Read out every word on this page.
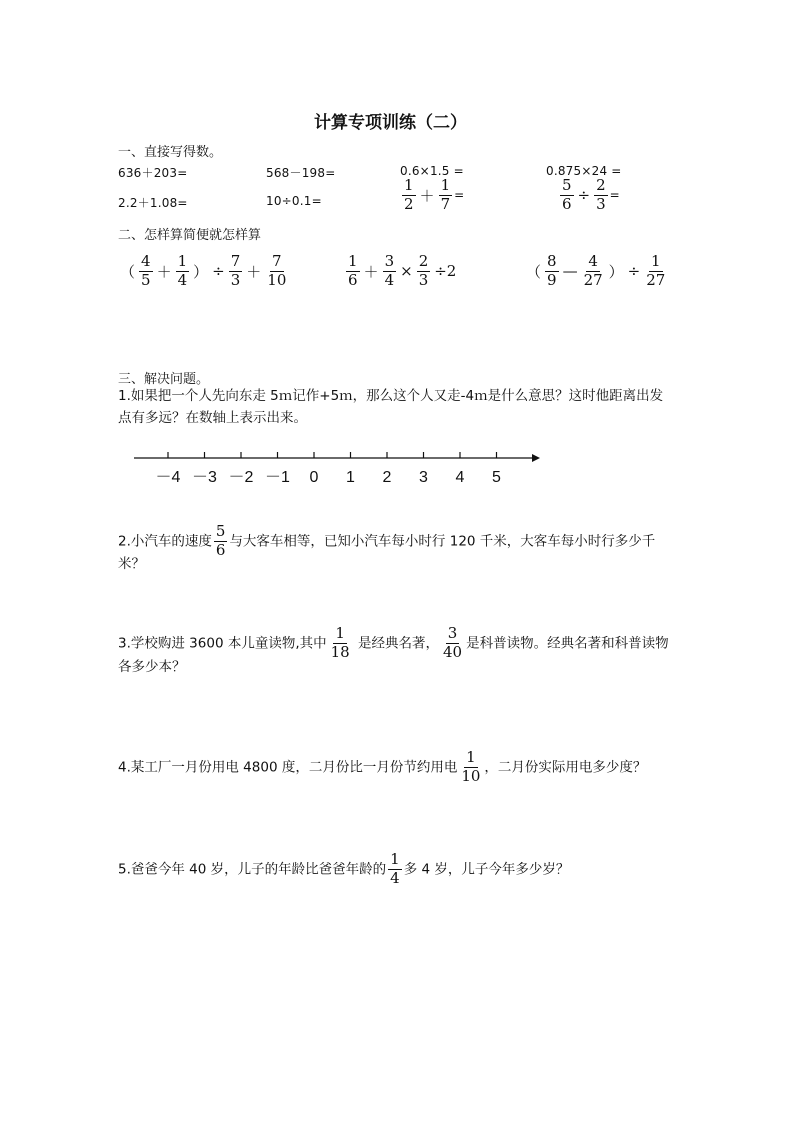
计算专项训练（二）
一、直接写得数。
636＋203=	568－198=	0.6×1.5 =	0.875×24 =
2.2＋1.08=	10÷0.1=	$\frac{1}{2} + \frac{1}{7}$ =	$\frac{5}{6} \div \frac{2}{3}$ =
二、怎样算简便就怎样算
（ $\frac{4}{5} + \frac{1}{4}$ ） ÷ $\frac{7}{3} + \frac{7}{10}$	$\frac{1}{6} + \frac{3}{4} \times \frac{2}{3} \div 2$	（ $\frac{8}{9}$ — $\frac{4}{27}$ ） ÷ $\frac{1}{27}$
三、解决问题。
1.如果把一个人先向东走 5ｍ记作+5ｍ，那么这个人又走-4ｍ是什么意思？这时他距离出发
点有多远？在数轴上表示出来。
－4 －3 －2 －1 0 1 2 3 4 5
2.小汽车的速度 $\frac{5}{6}$ 与大客车相等，已知小汽车每小时行 120 千米，大客车每小时行多少千
米？
3.学校购进 3600 本儿童读物,其中 $\frac{1}{18}$ 是经典名著， $\frac{3}{40}$ 是科普读物。经典名著和科普读物
各多少本？
4.某工厂一月份用电 4800 度，二月份比一月份节约用电 $\frac{1}{10}$ ，二月份实际用电多少度？
5.爸爸今年 40 岁，儿子的年龄比爸爸年龄的 $\frac{1}{4}$ 多 4 岁，儿子今年多少岁？
